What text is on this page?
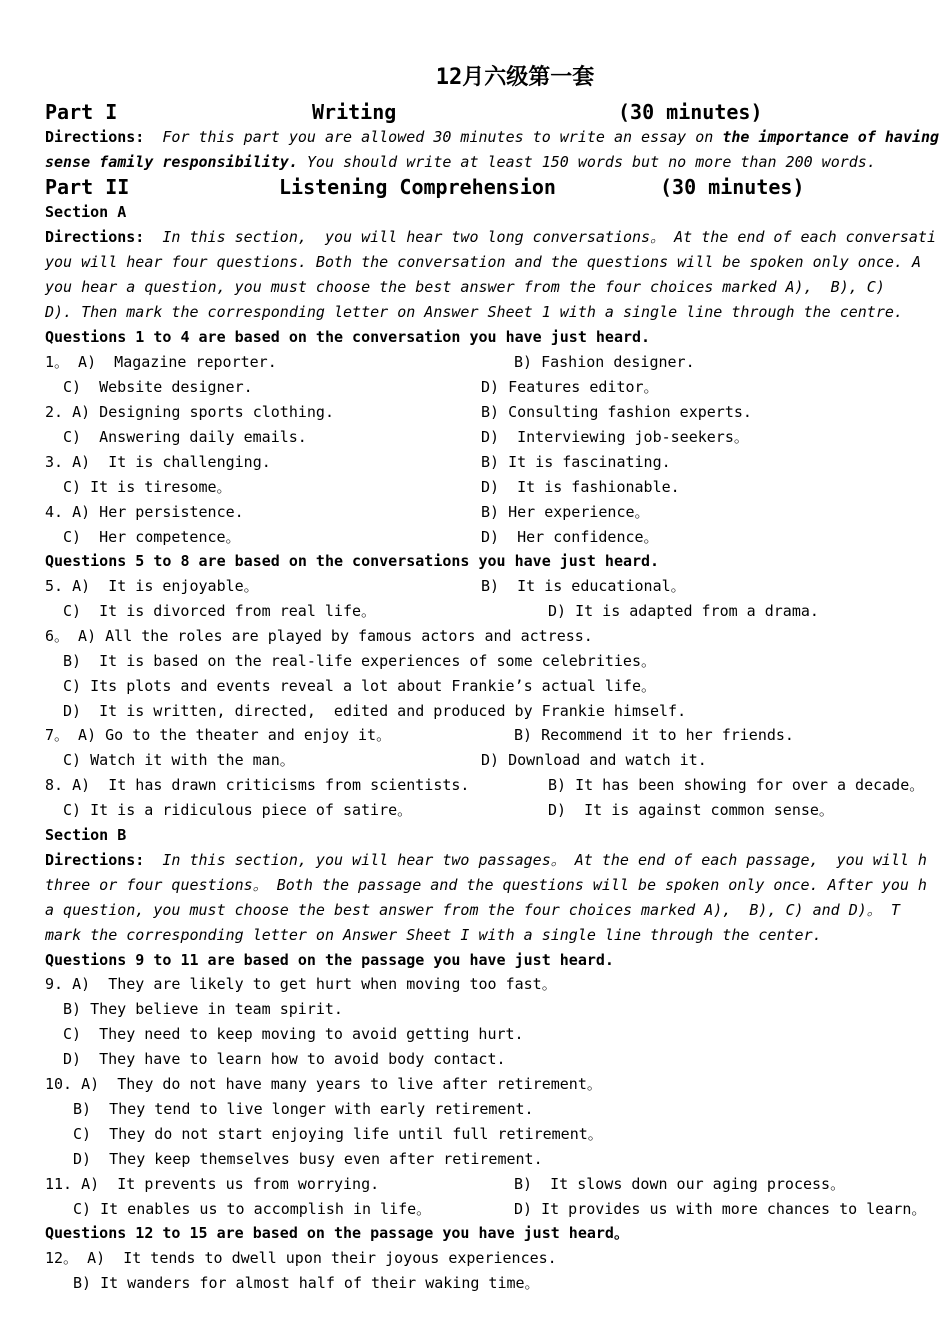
12月六级第一套
Part I	Writing	(30 minutes)
Directions: For this part you are allowed 30 minutes to write an essay on the importance of having
sense family responsibility. You should write at least 150 words but no more than 200 words.
Part II	Listening Comprehension	(30 minutes)
Section A
Directions: In this section,  you will hear two long conversations。 At the end of each conversati
you will hear four questions. Both the conversation and the questions will be spoken only once. A
you hear a question, you must choose the best answer from the four choices marked A),  B), C)
D). Then mark the corresponding letter on Answer Sheet 1 with a single line through the centre.
Questions 1 to 4 are based on the conversation you have just heard.
1。 A)  Magazine reporter.	B) Fashion designer.
C)  Website designer.	D) Features editor。
2. A) Designing sports clothing.	B) Consulting fashion experts.
C)  Answering daily emails.	D)  Interviewing job-seekers。
3. A)  It is challenging.	B) It is fascinating.
C) It is tiresome。	D)  It is fashionable.
4. A) Her persistence.	B) Her experience。
C)  Her competence。	D)  Her confidence。
Questions 5 to 8 are based on the conversations you have just heard.
5. A)  It is enjoyable。	B)  It is educational。
C)  It is divorced from real life。	D) It is adapted from a drama.
6。 A) All the roles are played by famous actors and actress.
B)  It is based on the real-life experiences of some celebrities。
C) Its plots and events reveal a lot about Frankie’s actual life。
D)  It is written, directed,  edited and produced by Frankie himself.
7。 A) Go to the theater and enjoy it。	B) Recommend it to her friends.
C) Watch it with the man。	D) Download and watch it.
8. A)  It has drawn criticisms from scientists.	B) It has been showing for over a decade。
C) It is a ridiculous piece of satire。	D)  It is against common sense。
Section B
Directions: In this section, you will hear two passages。 At the end of each passage,  you will h
three or four questions。 Both the passage and the questions will be spoken only once. After you h
a question, you must choose the best answer from the four choices marked A),  B), C) and D)。 T
mark the corresponding letter on Answer Sheet I with a single line through the center.
Questions 9 to 11 are based on the passage you have just heard.
9. A)  They are likely to get hurt when moving too fast。
B) They believe in team spirit.
C)  They need to keep moving to avoid getting hurt.
D)  They have to learn how to avoid body contact.
10. A)  They do not have many years to live after retirement。
B)  They tend to live longer with early retirement.
C)  They do not start enjoying life until full retirement。
D)  They keep themselves busy even after retirement.
11. A)  It prevents us from worrying.	B)  It slows down our aging process。
C) It enables us to accomplish in life。	D) It provides us with more chances to learn。
Questions 12 to 15 are based on the passage you have just heard。
12。 A)  It tends to dwell upon their joyous experiences.
B) It wanders for almost half of their waking time。
